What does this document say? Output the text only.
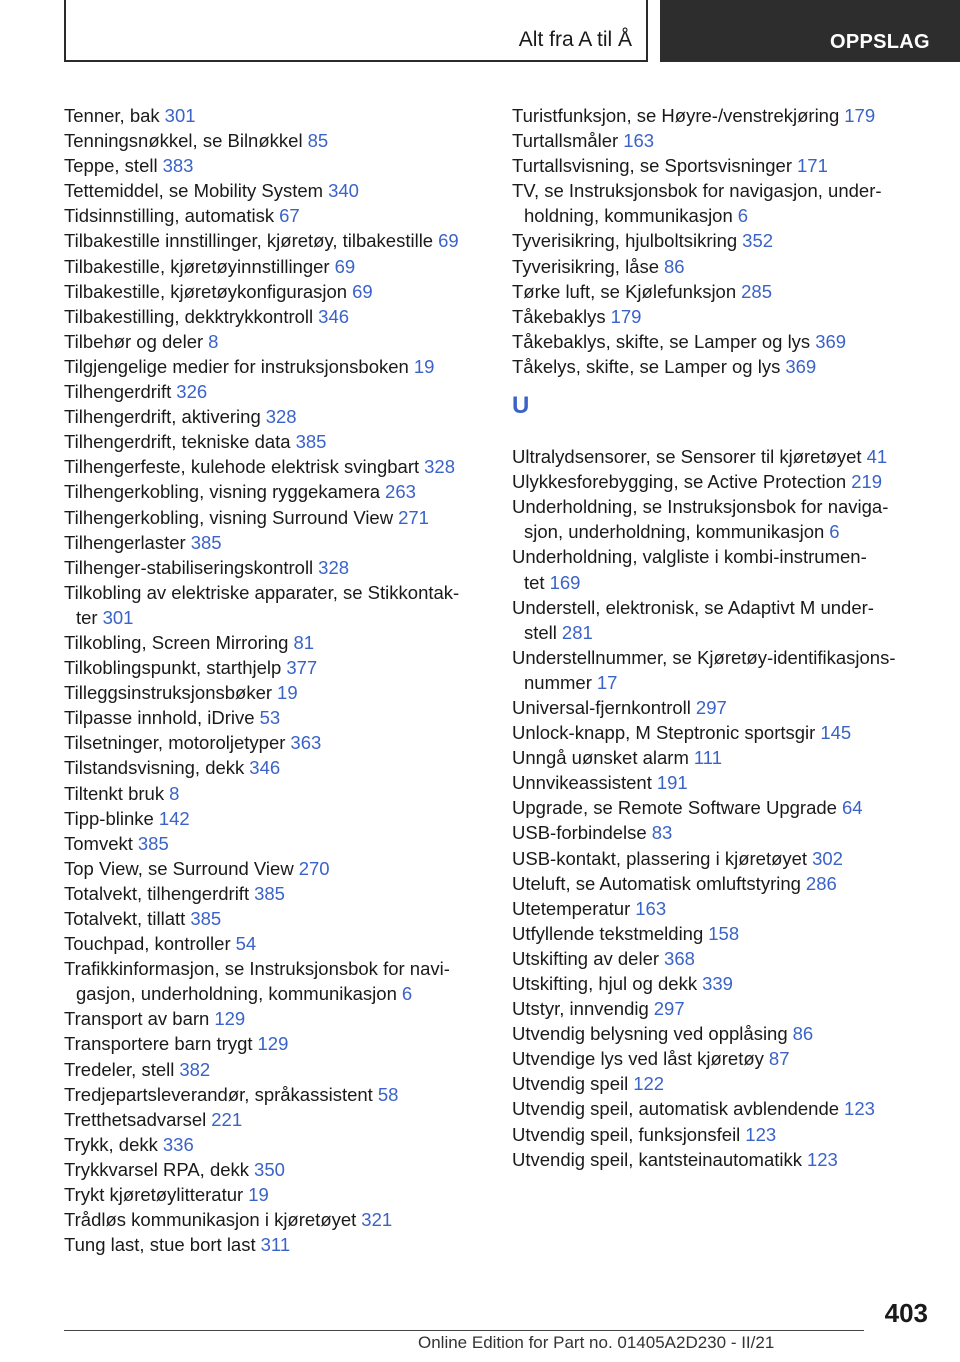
Alt fra A til Å	OPPSLAG
Tenner, bak 301
Tenningsnøkkel, se Bilnøkkel 85
Teppe, stell 383
Tettemiddel, se Mobility System 340
Tidsinnstilling, automatisk 67
Tilbakestille innstillinger, kjøretøy, tilbakestille 69
Tilbakestille, kjøretøyinnstillinger 69
Tilbakestille, kjøretøykonfigurasjon 69
Tilbakestilling, dekktrykkontroll 346
Tilbehør og deler 8
Tilgjengelige medier for instruksjonsboken 19
Tilhengerdrift 326
Tilhengerdrift, aktivering 328
Tilhengerdrift, tekniske data 385
Tilhengerfeste, kulehode elektrisk svingbart 328
Tilhengerkobling, visning ryggekamera 263
Tilhengerkobling, visning Surround View 271
Tilhengerlaster 385
Tilhenger-stabiliseringskontroll 328
Tilkobling av elektriske apparater, se Stikkontak‐ ter 301
Tilkobling, Screen Mirroring 81
Tilkoblingspunkt, starthjelp 377
Tilleggsinstruksjonsbøker 19
Tilpasse innhold, iDrive 53
Tilsetninger, motoroljetyper 363
Tilstandsvisning, dekk 346
Tiltenkt bruk 8
Tipp-blinke 142
Tomvekt 385
Top View, se Surround View 270
Totalvekt, tilhengerdrift 385
Totalvekt, tillatt 385
Touchpad, kontroller 54
Trafikkinformasjon, se Instruksjonsbok for navi‐ gasjon, underholdning, kommunikasjon 6
Transport av barn 129
Transportere barn trygt 129
Tredeler, stell 382
Tredjepartsleverandør, språkassistent 58
Tretthetsadvarsel 221
Trykk, dekk 336
Trykkvarsel RPA, dekk 350
Trykt kjøretøylitteratur 19
Trådløs kommunikasjon i kjøretøyet 321
Tung last, stue bort last 311
Turistfunksjon, se Høyre-/venstrekjøring 179
Turtallsmåler 163
Turtallsvisning, se Sportsvisninger 171
TV, se Instruksjonsbok for navigasjon, under‐ holdning, kommunikasjon 6
Tyverisikring, hjulboltsikring 352
Tyverisikring, låse 86
Tørke luft, se Kjølefunksjon 285
Tåkebaklys 179
Tåkebaklys, skifte, se Lamper og lys 369
Tåkelys, skifte, se Lamper og lys 369
U
Ultralydsensorer, se Sensorer til kjøretøyet 41
Ulykkesforebygging, se Active Protection 219
Underholdning, se Instruksjonsbok for naviga‐ sjon, underholdning, kommunikasjon 6
Underholdning, valgliste i kombi-instrumen‐ tet 169
Understell, elektronisk, se Adaptivt M under‐ stell 281
Understellnummer, se Kjøretøy-identifikasjons‐ nummer 17
Universal-fjernkontroll 297
Unlock-knapp, M Steptronic sportsgir 145
Unngå uønsket alarm 111
Unnvikeassistent 191
Upgrade, se Remote Software Upgrade 64
USB-forbindelse 83
USB-kontakt, plassering i kjøretøyet 302
Uteluft, se Automatisk omluftstyring 286
Utetemperatur 163
Utfyllende tekstmelding 158
Utskifting av deler 368
Utskifting, hjul og dekk 339
Utstyr, innvendig 297
Utvendig belysning ved opplåsing 86
Utvendige lys ved låst kjøretøy 87
Utvendig speil 122
Utvendig speil, automatisk avblendende 123
Utvendig speil, funksjonsfeil 123
Utvendig speil, kantsteinautomatikk 123
403
Online Edition for Part no. 01405A2D230 - II/21
